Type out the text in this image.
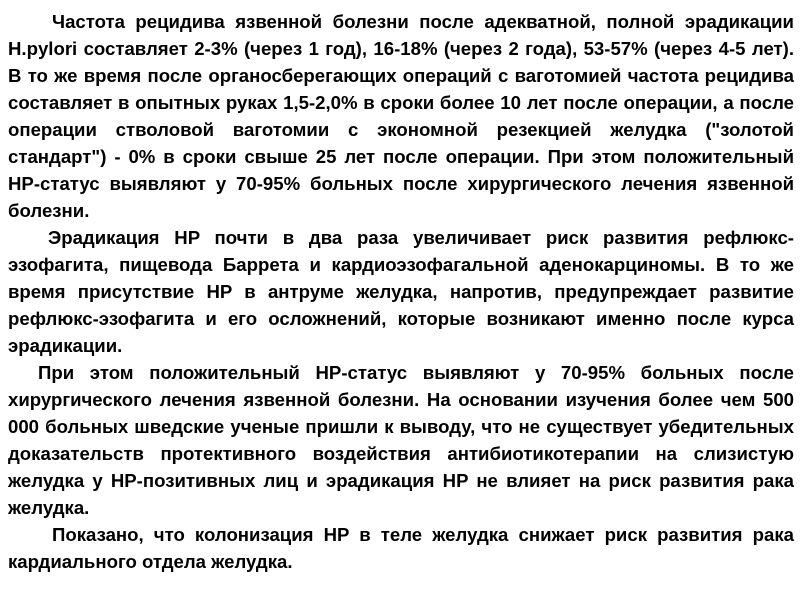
Частота рецидива язвенной болезни после адекватной, полной эрадикации H.pylori составляет 2-3% (через 1 год), 16-18% (через 2 года), 53-57% (через 4-5 лет). В то же время после органосберегающих операций с ваготомией частота рецидива составляет в опытных руках 1,5-2,0% в сроки более 10 лет после операции, а после операции стволовой ваготомии с экономной резекцией желудка ("золотой стандарт") - 0% в сроки свыше 25 лет после операции. При этом положительный HP-статус выявляют у 70-95% больных после хирургического лечения язвенной болезни.

Эрадикация HP почти в два раза увеличивает риск развития рефлюкс-эзофагита, пищевода Баррета и кардиоэзофагальной аденокарциномы. В то же время присутствие HP в антруме желудка, напротив, предупреждает развитие рефлюкс-эзофагита и его осложнений, которые возникают именно после курса эрадикации.

При этом положительный HP-статус выявляют у 70-95% больных после хирургического лечения язвенной болезни. На основании изучения более чем 500 000 больных шведские ученые пришли к выводу, что не существует убедительных доказательств протективного воздействия антибиотикотерапии на слизистую желудка у HP-позитивных лиц и эрадикация HP не влияет на риск развития рака желудка.

Показано, что колонизация HP в теле желудка снижает риск развития рака кардиального отдела желудка.
